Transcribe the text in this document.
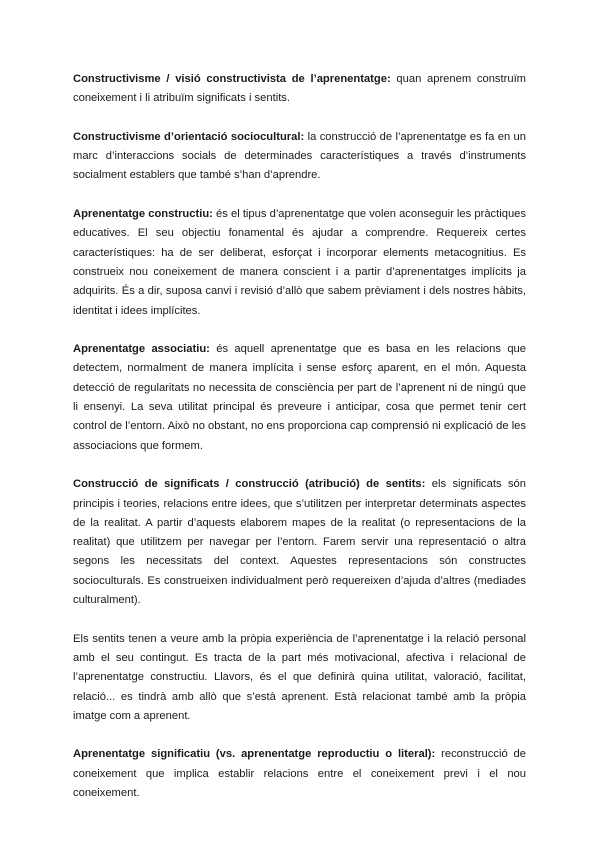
Constructivisme / visió constructivista de l’aprenentatge: quan aprenem construïm coneixement i li atribuïm significats i sentits.

Constructivisme d’orientació sociocultural: la construcció de l’aprenentatge es fa en un marc d’interaccions socials de determinades característiques a través d’instruments socialment establers que també s’han d’aprendre.

Aprenentatge constructiu: és el tipus d’aprenentatge que volen aconseguir les pràctiques educatives. El seu objectiu fonamental és ajudar a comprendre. Requereix certes característiques: ha de ser deliberat, esforçat i incorporar elements metacognitius. Es construeix nou coneixement de manera conscient i a partir d’aprenentatges implícits ja adquirits. És a dir, suposa canvi i revisió d’allò que sabem prèviament i dels nostres hàbits, identitat i idees implícites.

Aprenentatge associatiu: és aquell aprenentatge que es basa en les relacions que detectem, normalment de manera implícita i sense esforç aparent, en el món. Aquesta detecció de regularitats no necessita de consciència per part de l’aprenent ni de ningú que li ensenyi. La seva utilitat principal és preveure i anticipar, cosa que permet tenir cert control de l’entorn. Això no obstant, no ens proporciona cap comprensió ni explicació de les associacions que formem.

Construcció de significats / construcció (atribució) de sentits: els significats són principis i teories, relacions entre idees, que s’utilitzen per interpretar determinats aspectes de la realitat. A partir d’aquests elaborem mapes de la realitat (o representacions de la realitat) que utilitzem per navegar per l’entorn. Farem servir una representació o altra segons les necessitats del context. Aquestes representacions són constructes socioculturals. Es construeixen individualment però requereixen d’ajuda d’altres (mediades culturalment).

Els sentits tenen a veure amb la pròpia experiència de l’aprenentatge i la relació personal amb el seu contingut. Es tracta de la part més motivacional, afectiva i relacional de l’aprenentatge constructiu. Llavors, és el que definirà quina utilitat, valoració, facilitat, relació... es tindrà amb allò que s’està aprenent. Està relacionat també amb la pròpia imatge com a aprenent.

Aprenentatge significatiu (vs. aprenentatge reproductiu o literal): reconstrucció de coneixement que implica establir relacions entre el coneixement previ i el nou coneixement.
